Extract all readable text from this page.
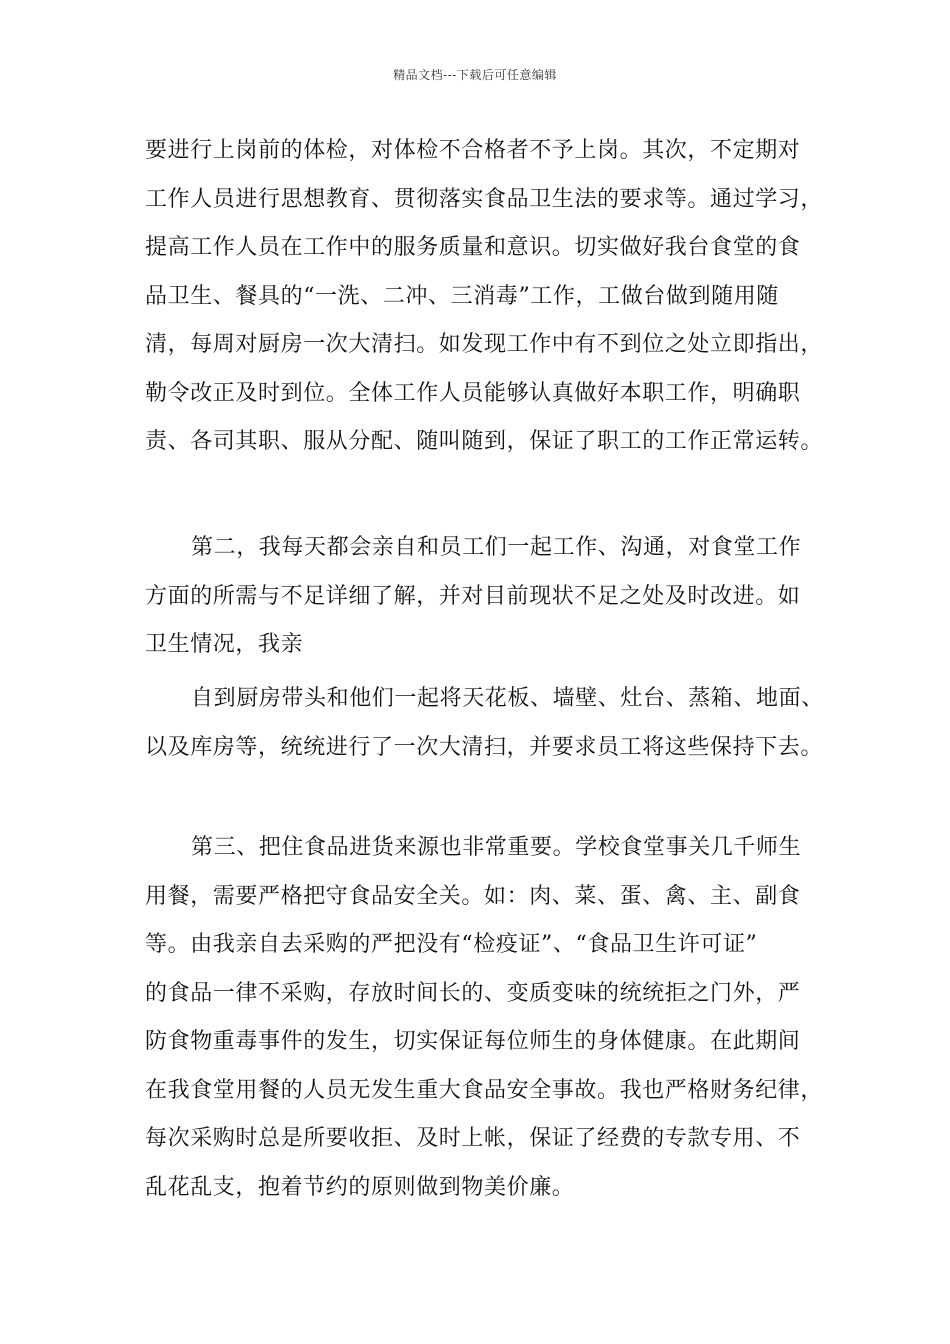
精品文档---下载后可任意编辑
要进行上岗前的体检，对体检不合格者不予上岗。其次，不定期对
工作人员进行思想教育、贯彻落实食品卫生法的要求等。通过学习，
提高工作人员在工作中的服务质量和意识。切实做好我台食堂的食
品卫生、餐具的“一洗、二冲、三消毒”工作，工做台做到随用随
清，每周对厨房一次大清扫。如发现工作中有不到位之处立即指出，
勒令改正及时到位。全体工作人员能够认真做好本职工作，明确职
责、各司其职、服从分配、随叫随到，保证了职工的工作正常运转。
第二，我每天都会亲自和员工们一起工作、沟通，对食堂工作
方面的所需与不足详细了解，并对目前现状不足之处及时改进。如
卫生情况，我亲
自到厨房带头和他们一起将天花板、墙壁、灶台、蒸箱、地面、
以及库房等，统统进行了一次大清扫，并要求员工将这些保持下去。
第三、把住食品进货来源也非常重要。学校食堂事关几千师生
用餐，需要严格把守食品安全关。如：肉、菜、蛋、禽、主、副食
等。由我亲自去采购的严把没有“检疫证”、“食品卫生许可证”
的食品一律不采购，存放时间长的、变质变味的统统拒之门外，严
防食物重毒事件的发生，切实保证每位师生的身体健康。在此期间
在我食堂用餐的人员无发生重大食品安全事故。我也严格财务纪律，
每次采购时总是所要收拒、及时上帐，保证了经费的专款专用、不
乱花乱支，抱着节约的原则做到物美价廉。
